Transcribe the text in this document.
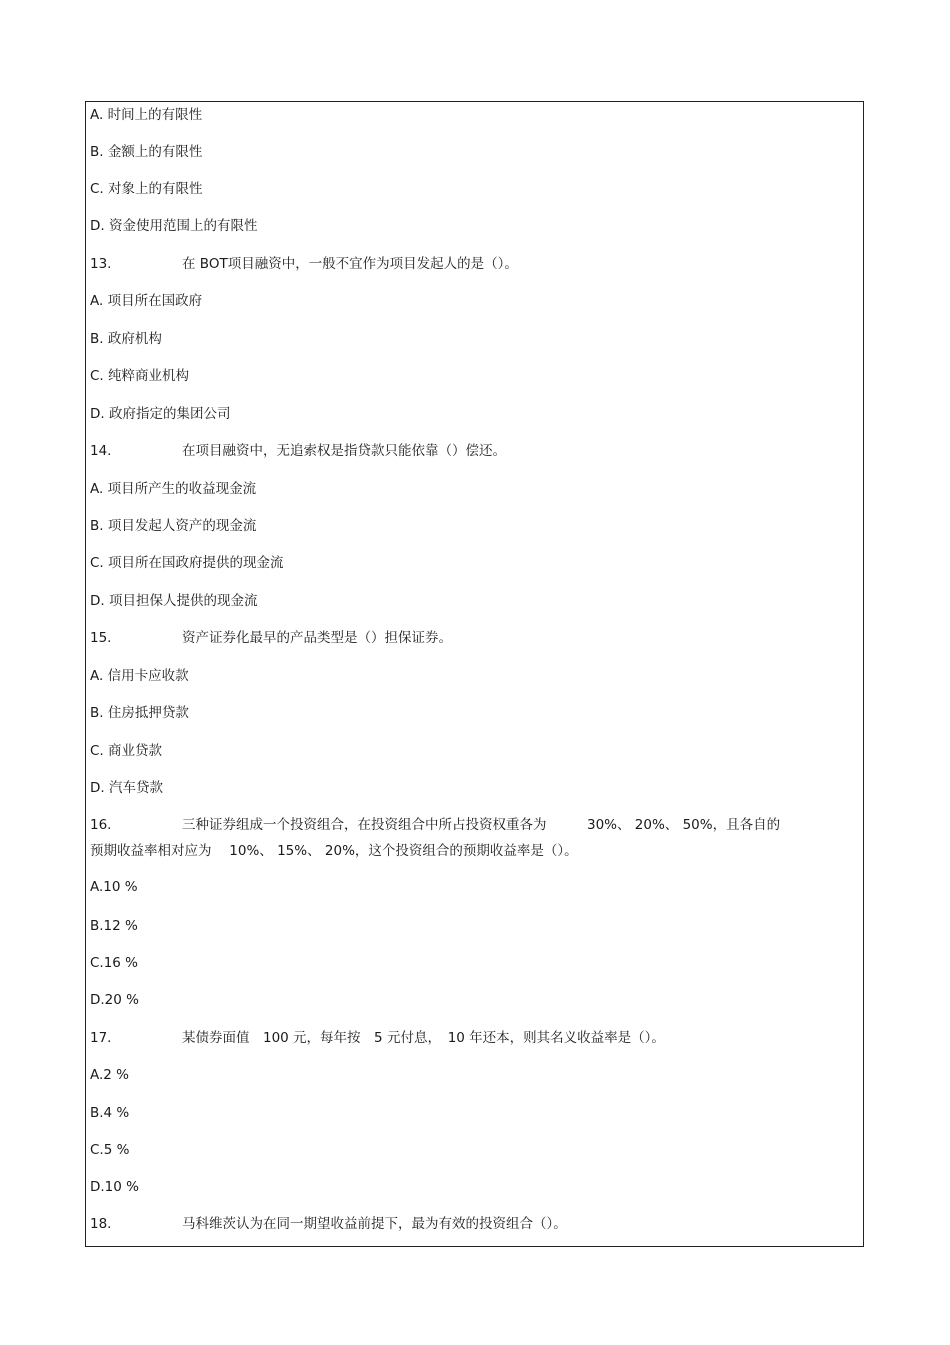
A. 时间上的有限性
B. 金额上的有限性
C. 对象上的有限性
D. 资金使用范围上的有限性
13.	在 BOT项目融资中，一般不宜作为项目发起人的是（）。
A. 项目所在国政府
B. 政府机构
C. 纯粹商业机构
D. 政府指定的集团公司
14.	在项目融资中，无追索权是指贷款只能依靠（）偿还。
A. 项目所产生的收益现金流
B. 项目发起人资产的现金流
C. 项目所在国政府提供的现金流
D. 项目担保人提供的现金流
15.	资产证券化最早的产品类型是（）担保证券。
A. 信用卡应收款
B. 住房抵押贷款
C. 商业贷款
D. 汽车贷款
16.	三种证券组成一个投资组合，在投资组合中所占投资权重各为　　　30%、 20%、 50%，且各自的
预期收益率相对应为　 10%、 15%、 20%，这个投资组合的预期收益率是（）。
A.10 %
B.12 %
C.16 %
D.20 %
17.	某债券面值　100 元，每年按　5 元付息，　10 年还本，则其名义收益率是（）。
A.2 %
B.4 %
C.5 %
D.10 %
18.	马科维茨认为在同一期望收益前提下，最为有效的投资组合（）。
